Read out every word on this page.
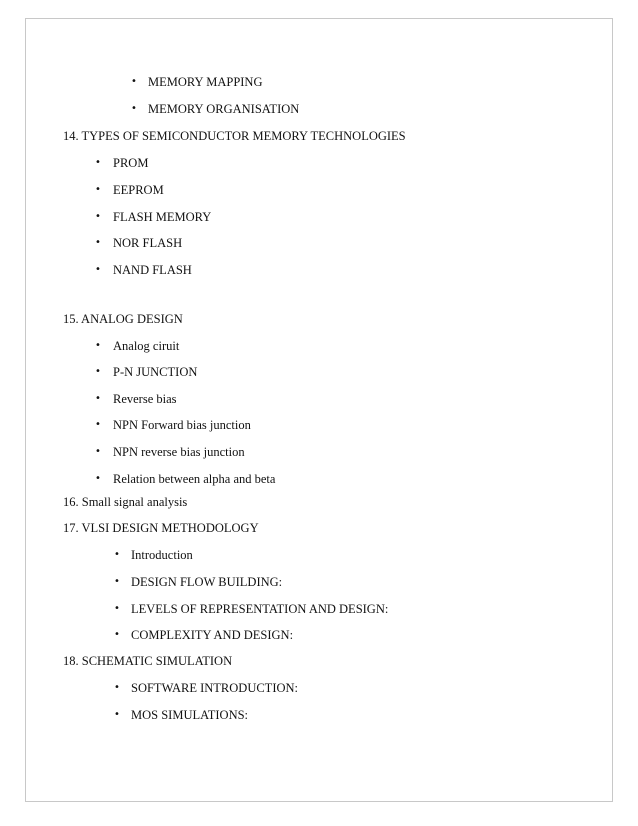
• MEMORY MAPPING
• MEMORY ORGANISATION
14. TYPES OF SEMICONDUCTOR MEMORY TECHNOLOGIES
• PROM
• EEPROM
• FLASH MEMORY
• NOR FLASH
• NAND FLASH
15. ANALOG DESIGN
• Analog ciruit
• P-N JUNCTION
• Reverse bias
• NPN Forward bias junction
• NPN reverse bias junction
• Relation between alpha and beta
16. Small signal analysis
17. VLSI DESIGN METHODOLOGY
• Introduction
• DESIGN FLOW BUILDING:
• LEVELS OF REPRESENTATION AND DESIGN:
• COMPLEXITY AND DESIGN:
18. SCHEMATIC SIMULATION
• SOFTWARE INTRODUCTION:
• MOS SIMULATIONS:
